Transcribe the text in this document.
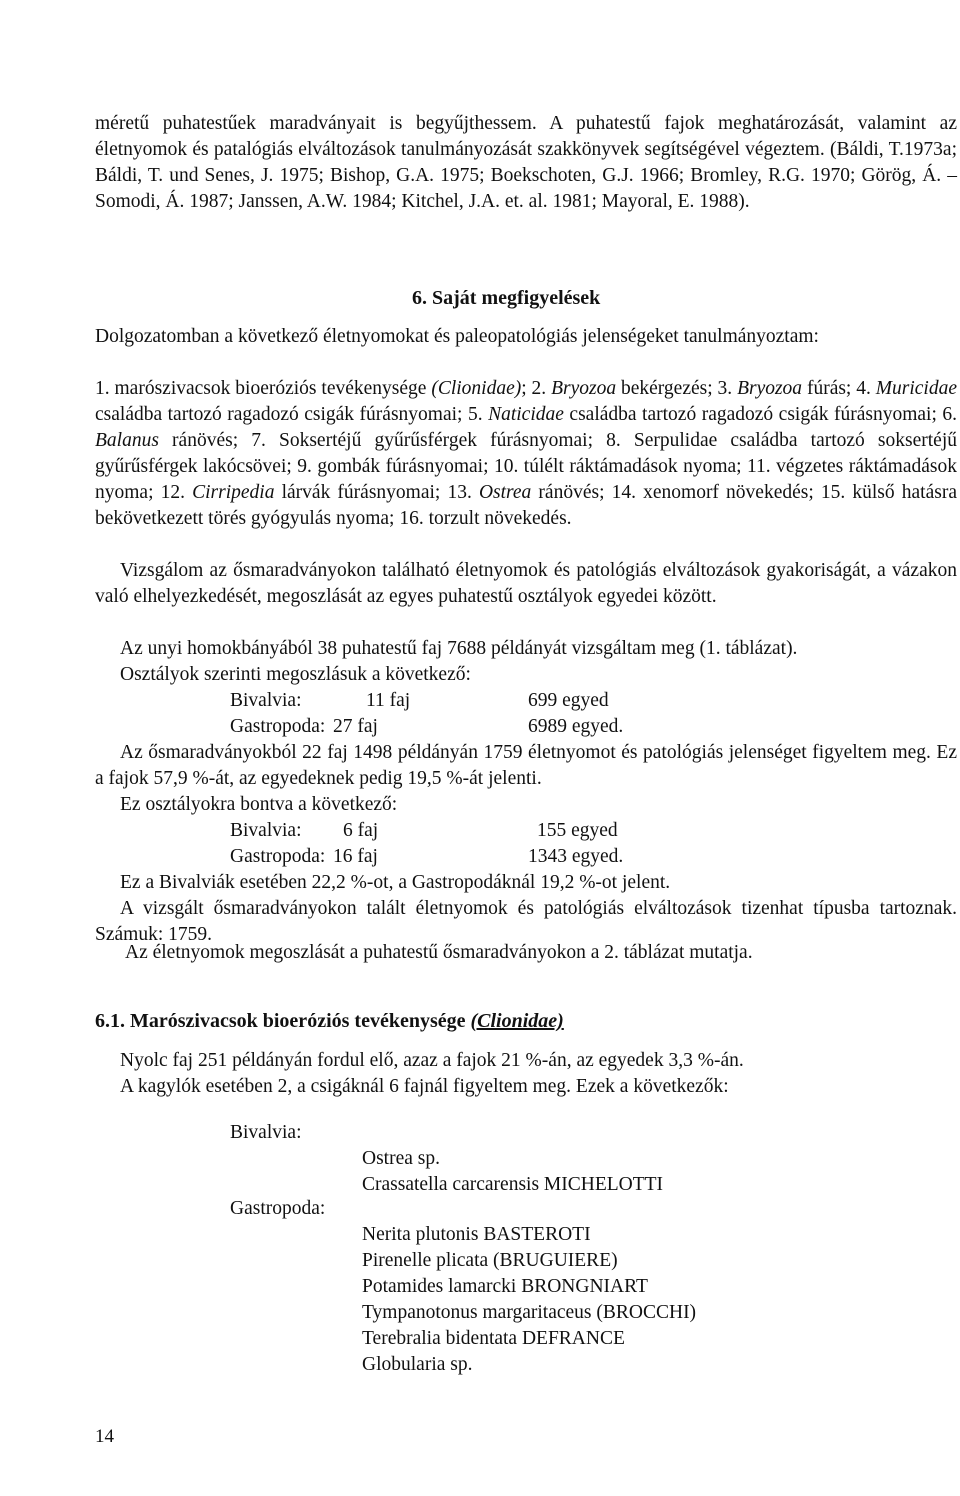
méretű puhatestűek maradványait is begyűjthessem. A puhatestű fajok meghatározását, valamint az életnyomok és patalógiás elváltozások tanulmányozását szakkönyvek segítségével végeztem. (Báldi, T.1973a; Báldi, T. und Senes, J. 1975; Bishop, G.A. 1975; Boekschoten, G.J. 1966; Bromley, R.G. 1970; Görög, Á. – Somodi, Á. 1987; Janssen, A.W. 1984; Kitchel, J.A. et. al. 1981; Mayoral, E. 1988).

6. Saját megfigyelések

Dolgozatomban a következő életnyomokat és paleopatológiás jelenségeket tanulmányoztam:

1. marószivacsok bioeróziós tevékenysége (Clionidae); 2. Bryozoa bekérgezés; 3. Bryozoa fúrás; 4. Muricidae családba tartozó ragadozó csigák fúrásnyomai; 5. Naticidae családba tartozó ragadozó csigák fúrásnyomai; 6. Balanus ránövés; 7. Soksertéjű gyűrűsférgek fúrásnyomai; 8. Serpulidae családba tartozó soksertéjű gyűrűsférgek lakócsövei; 9. gombák fúrásnyomai; 10. túlélt ráktámadások nyoma; 11. végzetes ráktámadások nyoma; 12. Cirripedia lárvák fúrásnyomai; 13. Ostrea ránövés; 14. xenomorf növekedés; 15. külső hatásra bekövetkezett törés gyógyulás nyoma; 16. torzult növekedés.

Vizsgálom az ősmaradványokon található életnyomok és patológiás elváltozások gyakoriságát, a vázakon való elhelyezkedését, megoszlását az egyes puhatestű osztályok egyedei között.

Az unyi homokbányából 38 puhatestű faj 7688 példányát vizsgáltam meg (1. táblázat).

Osztályok szerinti megoszlásuk a következő:

Bivalvia:	11 faj	699 egyed
Gastropoda: 27 faj	6989 egyed.

Az ősmaradványokból 22 faj 1498 példányán 1759 életnyomot és patológiás jelenséget figyeltem meg. Ez a fajok 57,9 %-át, az egyedeknek pedig 19,5 %-át jelenti.

Ez osztályokra bontva a következő:

Bivalvia: 6 faj	155 egyed
Gastropoda: 16 faj	1343 egyed.

Ez a Bivalviák esetében 22,2 %-ot, a Gastropodáknál 19,2 %-ot jelent.

A vizsgált ősmaradványokon talált életnyomok és patológiás elváltozások tizenhat típusba tartoznak. Számuk: 1759.

Az életnyomok megoszlását a puhatestű ősmaradványokon a 2. táblázat mutatja.

6.1. Marószivacsok bioeróziós tevékenysége (Clionidae)

Nyolc faj 251 példányán fordul elő, azaz a fajok 21 %-án, az egyedek 3,3 %-án.

A kagylók esetében 2, a csigáknál 6 fajnál figyeltem meg. Ezek a következők:

Bivalvia:
Ostrea sp.
Crassatella carcarensis MICHELOTTI
Gastropoda:
Nerita plutonis BASTEROTI
Pirenelle plicata (BRUGUIERE)
Potamides lamarcki BRONGNIART
Tympanotonus margaritaceus (BROCCHI)
Terebralia bidentata DEFRANCE
Globularia sp.
14
